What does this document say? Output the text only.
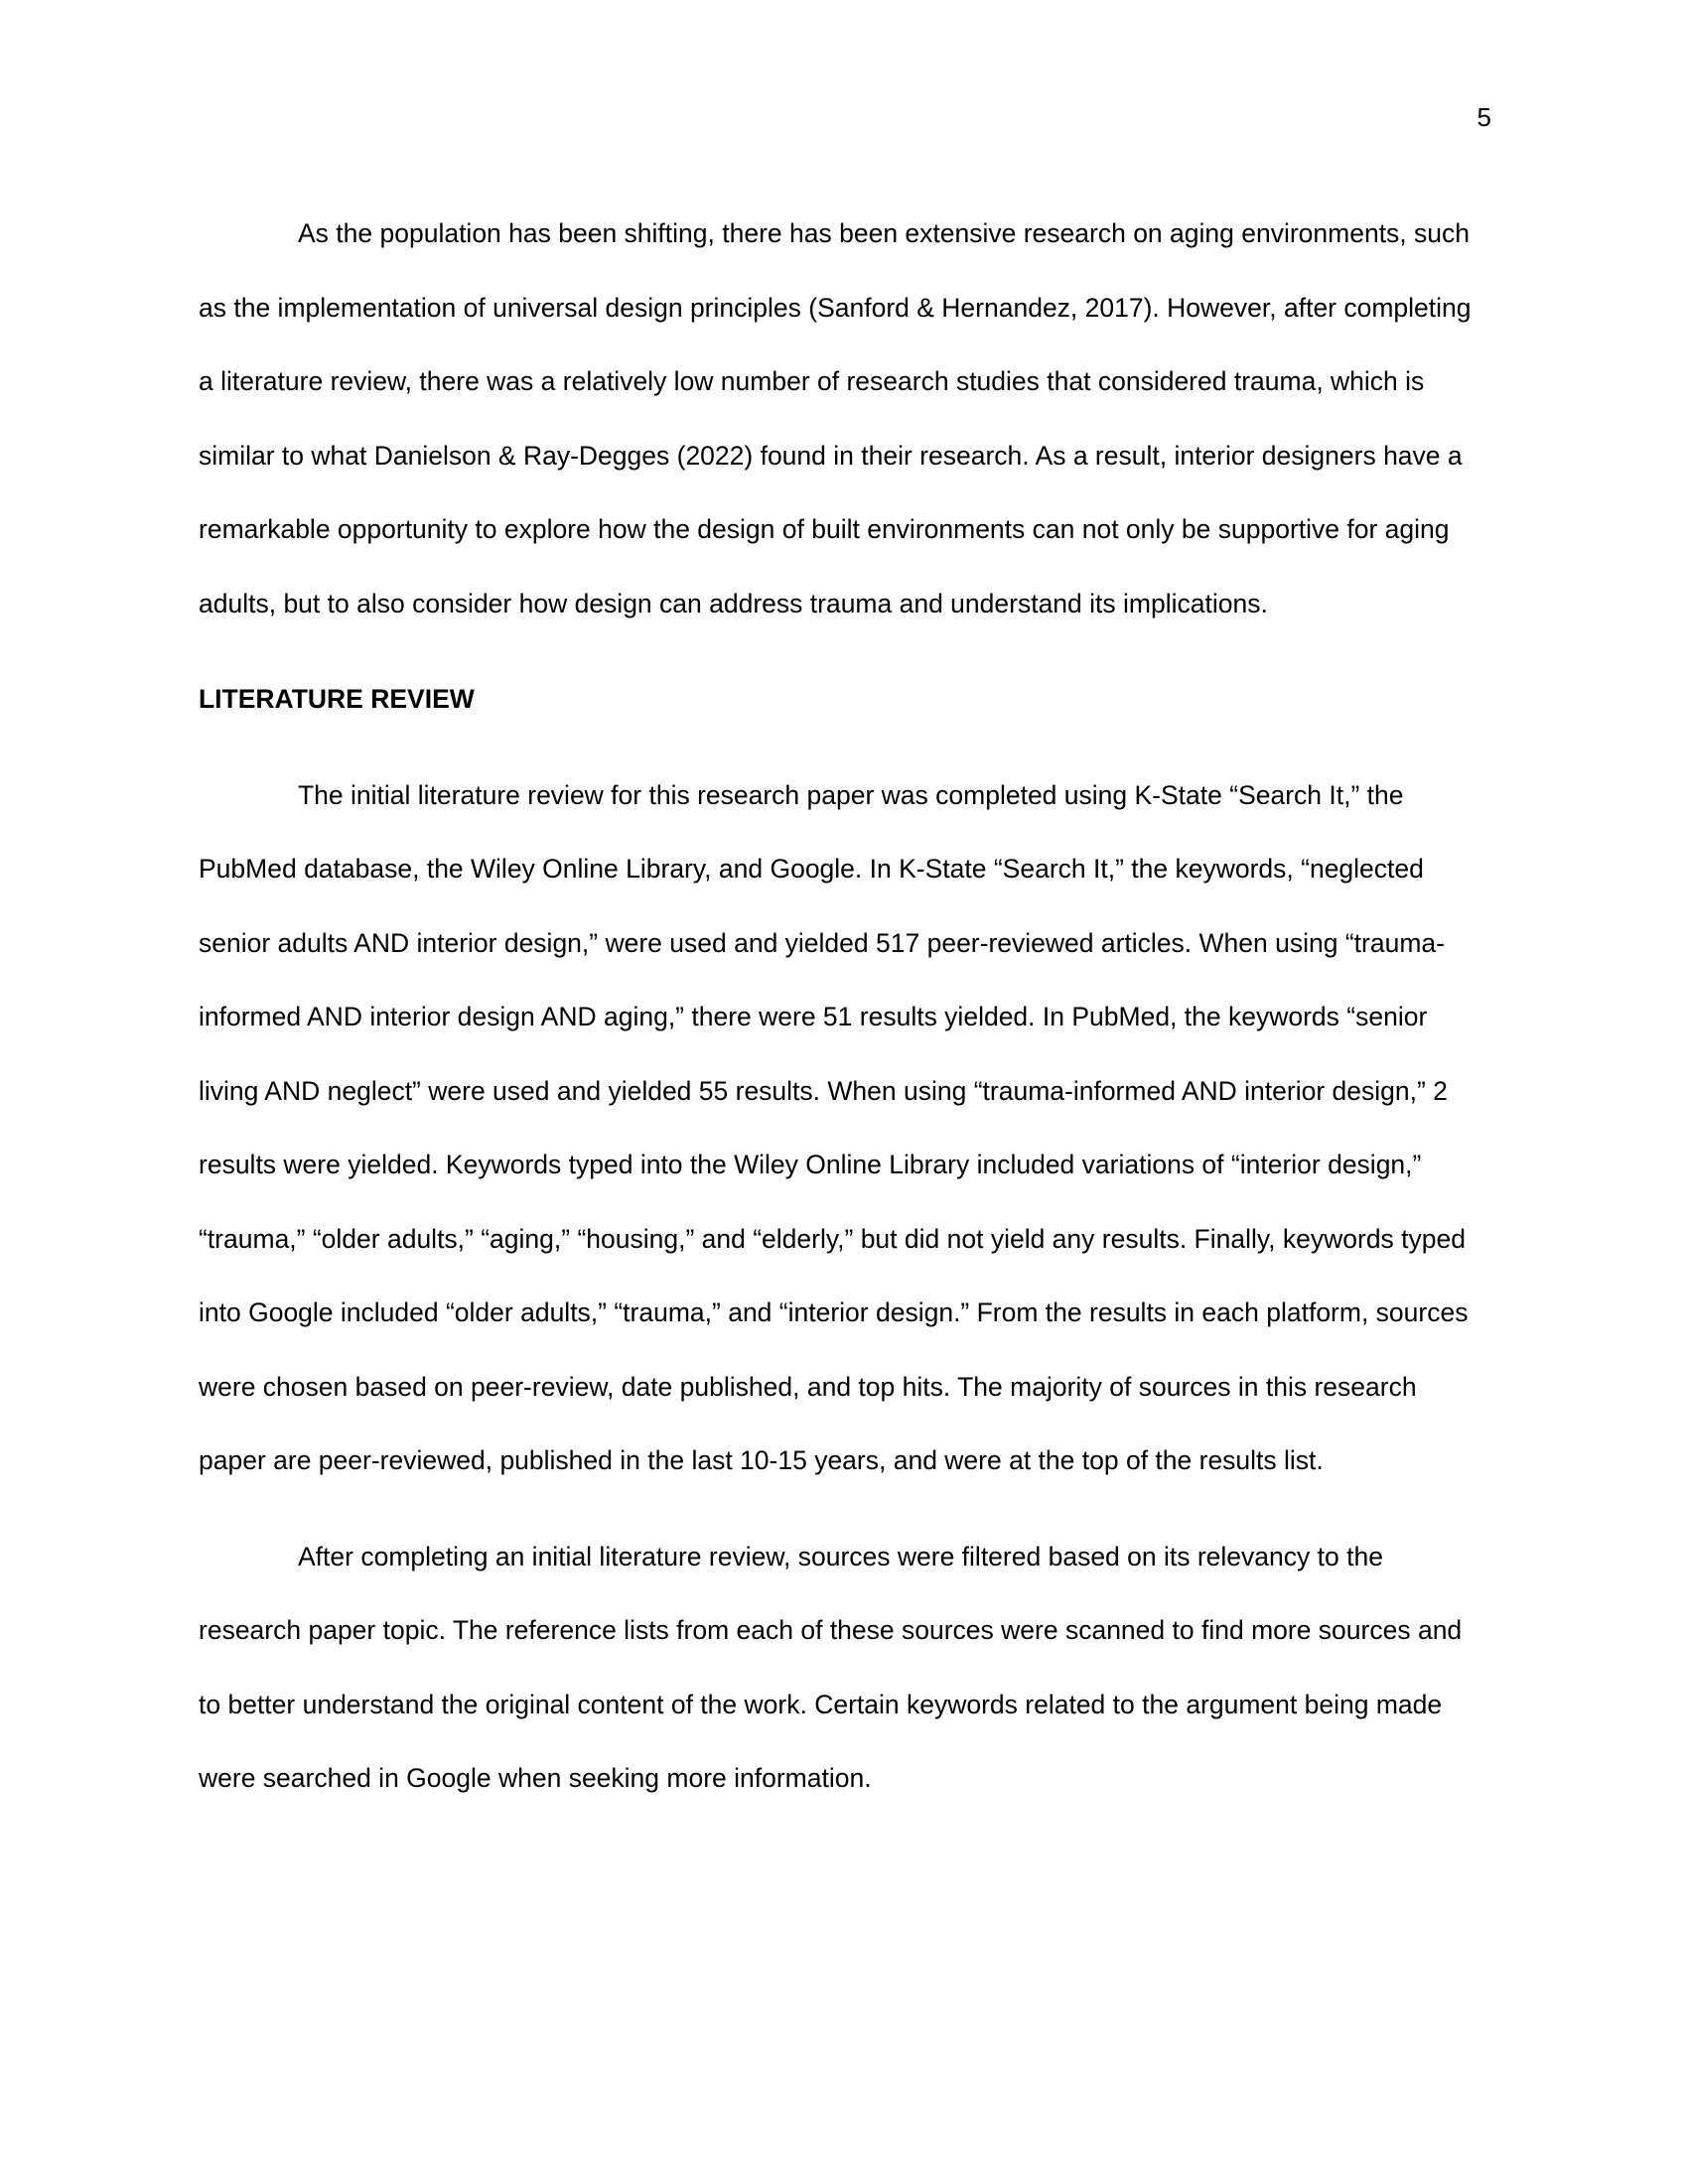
5

As the population has been shifting, there has been extensive research on aging environments, such as the implementation of universal design principles (Sanford & Hernandez, 2017). However, after completing a literature review, there was a relatively low number of research studies that considered trauma, which is similar to what Danielson & Ray-Degges (2022) found in their research. As a result, interior designers have a remarkable opportunity to explore how the design of built environments can not only be supportive for aging adults, but to also consider how design can address trauma and understand its implications.

LITERATURE REVIEW

The initial literature review for this research paper was completed using K-State “Search It,” the PubMed database, the Wiley Online Library, and Google. In K-State “Search It,” the keywords, “neglected senior adults AND interior design,” were used and yielded 517 peer-reviewed articles. When using “trauma-informed AND interior design AND aging,” there were 51 results yielded. In PubMed, the keywords “senior living AND neglect” were used and yielded 55 results. When using “trauma-informed AND interior design,” 2 results were yielded. Keywords typed into the Wiley Online Library included variations of “interior design,” “trauma,” “older adults,” “aging,” “housing,” and “elderly,” but did not yield any results. Finally, keywords typed into Google included “older adults,” “trauma,” and “interior design.” From the results in each platform, sources were chosen based on peer-review, date published, and top hits. The majority of sources in this research paper are peer-reviewed, published in the last 10-15 years, and were at the top of the results list.

After completing an initial literature review, sources were filtered based on its relevancy to the research paper topic. The reference lists from each of these sources were scanned to find more sources and to better understand the original content of the work. Certain keywords related to the argument being made were searched in Google when seeking more information.
